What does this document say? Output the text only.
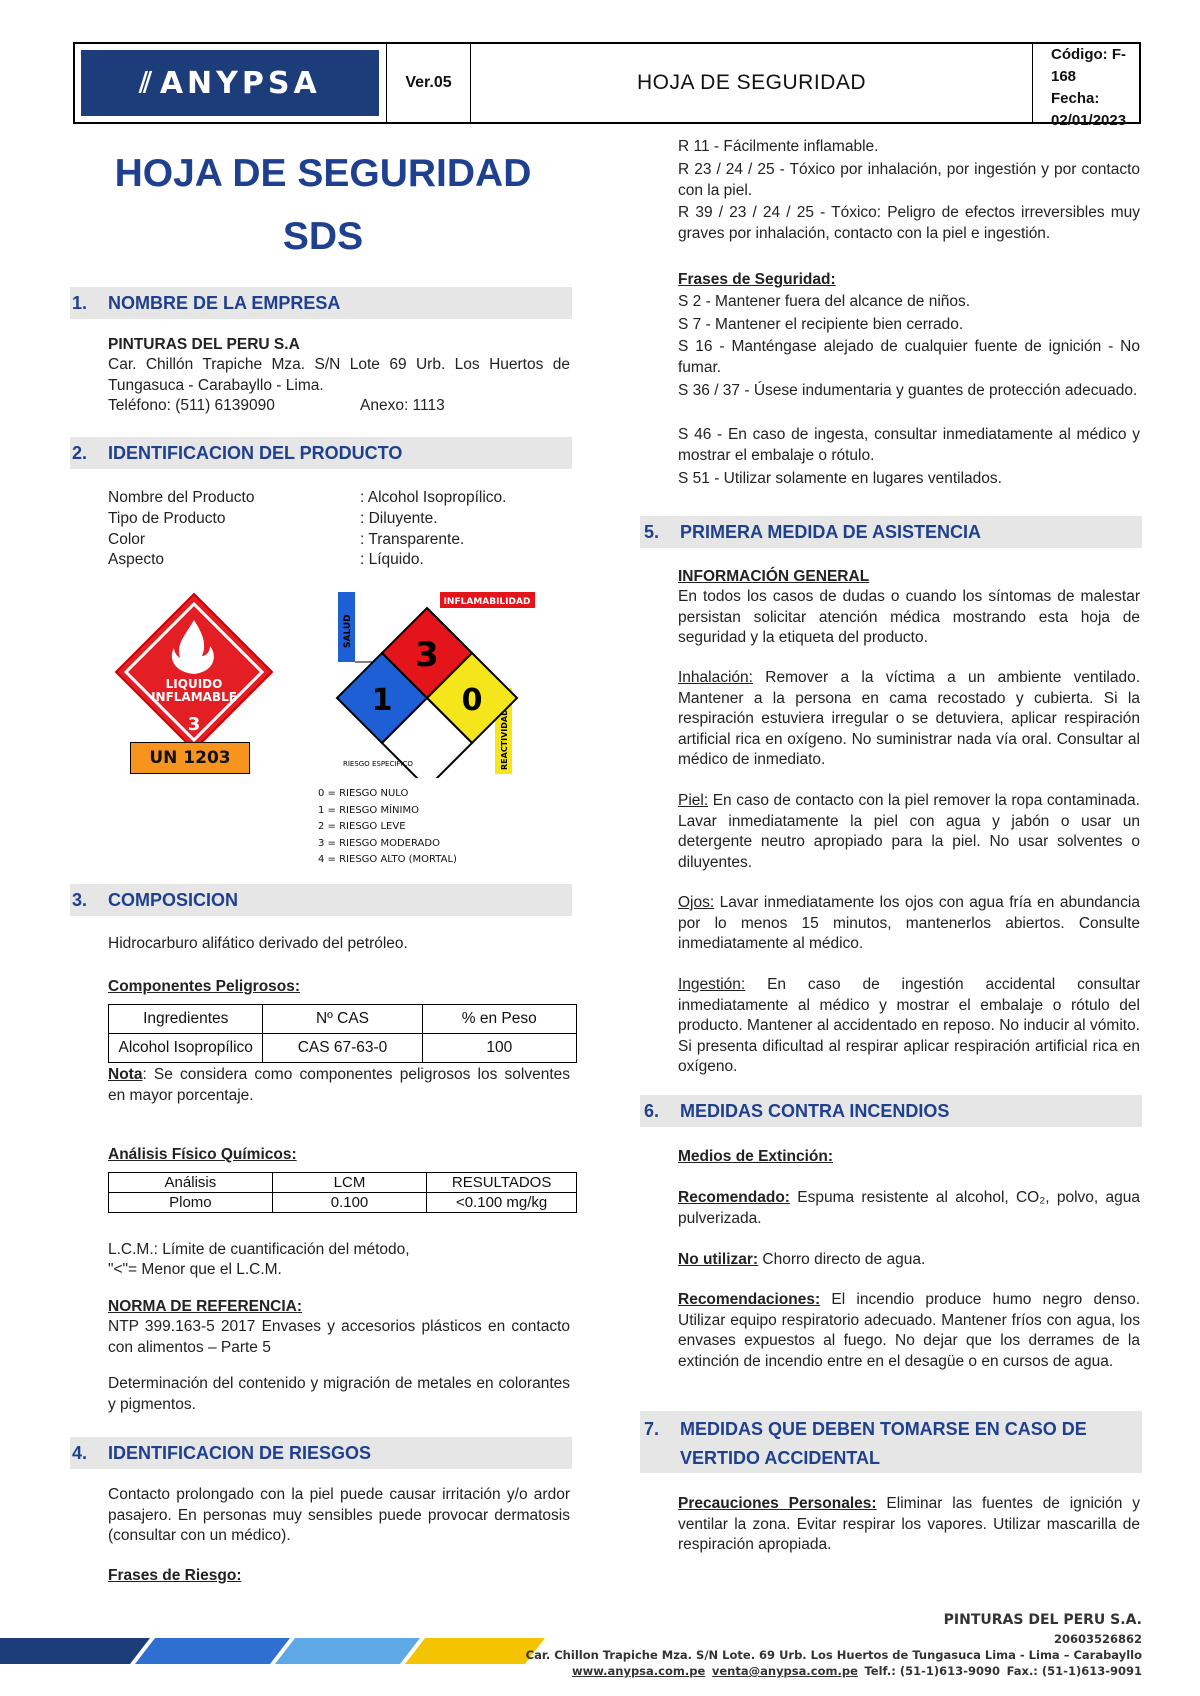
⫽ ANYPSA	Ver.05	HOJA DE SEGURIDAD
Código: F-168
Fecha: 02/01/2023
HOJA DE SEGURIDAD
SDS
1.	NOMBRE DE LA EMPRESA
PINTURAS DEL PERU S.A
Car. Chillón Trapiche Mza. S/N Lote 69 Urb. Los Huertos de Tungasuca - Carabayllo - Lima.
Teléfono: (511) 6139090	Anexo: 1113
2.	IDENTIFICACION DEL PRODUCTO
Nombre del Producto	: Alcohol Isopropílico.
Tipo de Producto	: Diluyente.
Color	: Transparente.
Aspecto	: Líquido.
LIQUIDO
INFLAMABLE
3
UN 1203
SALUD
INFLAMABILIDAD
REACTIVIDAD
3
1 0
RIESGO ESPECIFICO
0 = RIESGO NULO
1 = RIESGO MÍNIMO
2 = RIESGO LEVE
3 = RIESGO MODERADO
4 = RIESGO ALTO (MORTAL)
3.	COMPOSICION
Hidrocarburo alifático derivado del petróleo.
Componentes Peligrosos:
Ingredientes	Nº CAS	% en Peso
Alcohol Isopropílico	CAS 67-63-0	100
Nota: Se considera como componentes peligrosos los solventes en mayor porcentaje.
Análisis Físico Químicos:
Análisis	LCM	RESULTADOS
Plomo	0.100	<0.100 mg/kg
L.C.M.: Límite de cuantificación del método,
"<"= Menor que el L.C.M.
NORMA DE REFERENCIA:
NTP 399.163-5 2017 Envases y accesorios plásticos en contacto con alimentos – Parte 5
Determinación del contenido y migración de metales en colorantes y pigmentos.
4.	IDENTIFICACION DE RIESGOS
Contacto prolongado con la piel puede causar irritación y/o ardor pasajero. En personas muy sensibles puede provocar dermatosis (consultar con un médico).
Frases de Riesgo:
R 11 - Fácilmente inflamable.
R 23 / 24 / 25 - Tóxico por inhalación, por ingestión y por contacto con la piel.
R 39 / 23 / 24 / 25 - Tóxico: Peligro de efectos irreversibles muy graves por inhalación, contacto con la piel e ingestión.
Frases de Seguridad:
S 2 - Mantener fuera del alcance de niños.
S 7 - Mantener el recipiente bien cerrado.
S 16 - Manténgase alejado de cualquier fuente de ignición - No fumar.
S 36 / 37 - Úsese indumentaria y guantes de protección adecuado.
S 46 - En caso de ingesta, consultar inmediatamente al médico y mostrar el embalaje o rótulo.
S 51 - Utilizar solamente en lugares ventilados.
5.	PRIMERA MEDIDA DE ASISTENCIA
INFORMACIÓN GENERAL
En todos los casos de dudas o cuando los síntomas de malestar persistan solicitar atención médica mostrando esta hoja de seguridad y la etiqueta del producto.
Inhalación: Remover a la víctima a un ambiente ventilado. Mantener a la persona en cama recostado y cubierta. Si la respiración estuviera irregular o se detuviera, aplicar respiración artificial rica en oxígeno. No suministrar nada vía oral. Consultar al médico de inmediato.
Piel: En caso de contacto con la piel remover la ropa contaminada. Lavar inmediatamente la piel con agua y jabón o usar un detergente neutro apropiado para la piel. No usar solventes o diluyentes.
Ojos: Lavar inmediatamente los ojos con agua fría en abundancia por lo menos 15 minutos, mantenerlos abiertos. Consulte inmediatamente al médico.
Ingestión: En caso de ingestión accidental consultar inmediatamente al médico y mostrar el embalaje o rótulo del producto. Mantener al accidentado en reposo. No inducir al vómito. Si presenta dificultad al respirar aplicar respiración artificial rica en oxígeno.
6.	MEDIDAS CONTRA INCENDIOS
Medios de Extinción:
Recomendado: Espuma resistente al alcohol, CO₂, polvo, agua pulverizada.
No utilizar: Chorro directo de agua.
Recomendaciones: El incendio produce humo negro denso. Utilizar equipo respiratorio adecuado. Mantener fríos con agua, los envases expuestos al fuego. No dejar que los derrames de la extinción de incendio entre en el desagüe o en cursos de agua.
7.	MEDIDAS QUE DEBEN TOMARSE EN CASO DE
VERTIDO ACCIDENTAL
Precauciones Personales: Eliminar las fuentes de ignición y ventilar la zona. Evitar respirar los vapores. Utilizar mascarilla de respiración apropiada.
PINTURAS DEL PERU S.A.
20603526862
Car. Chillon Trapiche Mza. S/N Lote. 69 Urb. Los Huertos de Tungasuca Lima - Lima – Carabayllo
www.anypsa.com.pe venta@anypsa.com.pe Telf.: (51-1)613-9090 Fax.: (51-1)613-9091
